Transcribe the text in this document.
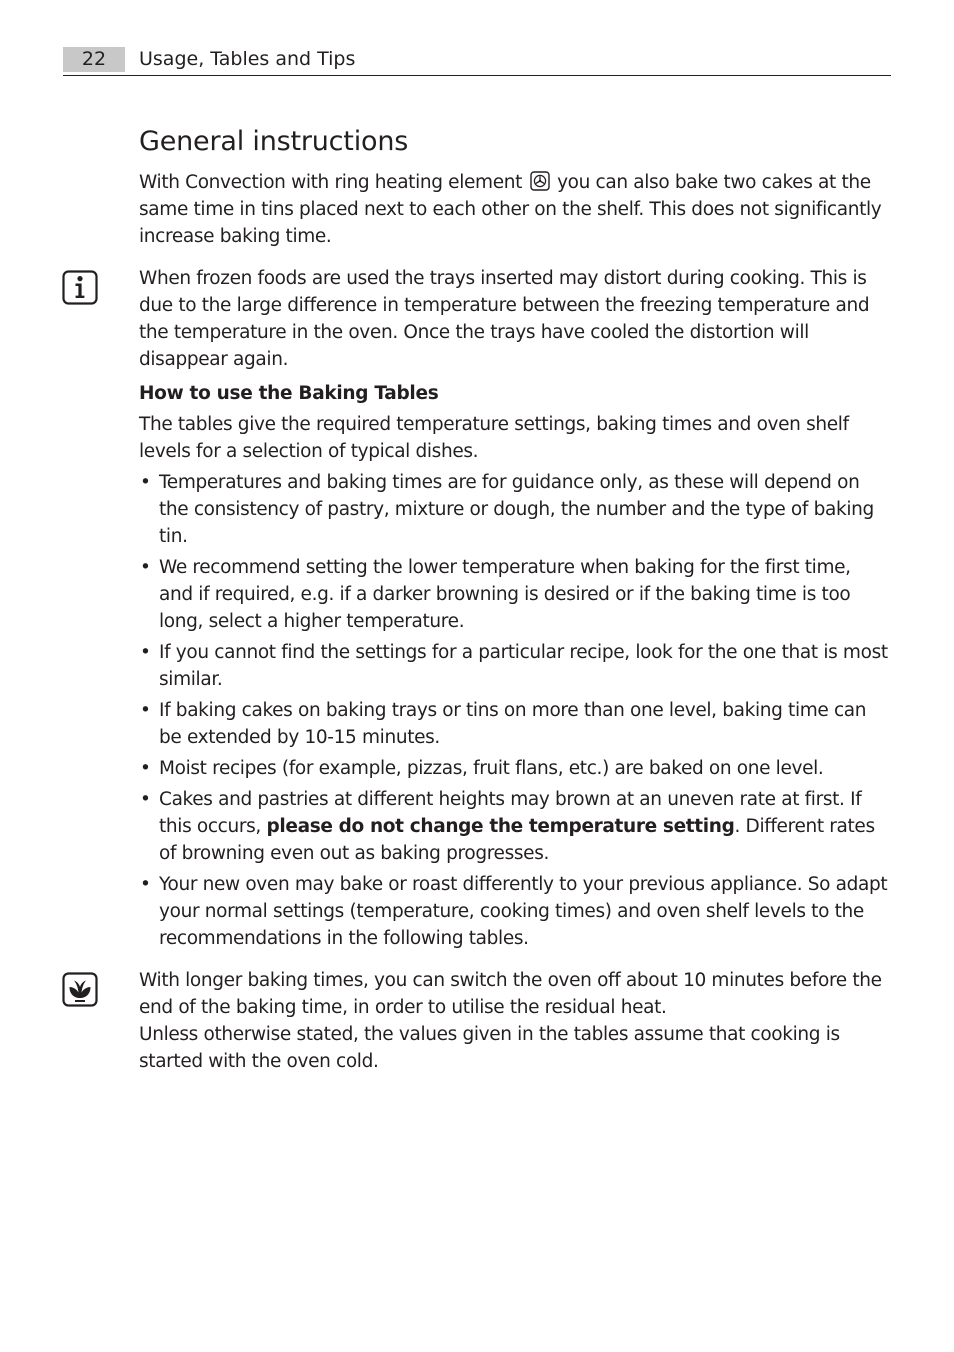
22	Usage, Tables and Tips
General instructions

With Convection with ring heating element  you can also bake two cakes at the same time in tins placed next to each other on the shelf. This does not significantly increase baking time.

When frozen foods are used the trays inserted may distort during cooking. This is due to the large difference in temperature between the freezing temperature and the temperature in the oven. Once the trays have cooled the distortion will disappear again.

How to use the Baking Tables

The tables give the required temperature settings, baking times and oven shelf levels for a selection of typical dishes.

• Temperatures and baking times are for guidance only, as these will depend on the consistency of pastry, mixture or dough, the number and the type of baking tin.
• We recommend setting the lower temperature when baking for the first time, and if required, e.g. if a darker browning is desired or if the baking time is too long, select a higher temperature.
• If you cannot find the settings for a particular recipe, look for the one that is most similar.
• If baking cakes on baking trays or tins on more than one level, baking time can be extended by 10-15 minutes.
• Moist recipes (for example, pizzas, fruit flans, etc.) are baked on one level.
• Cakes and pastries at different heights may brown at an uneven rate at first. If this occurs, please do not change the temperature setting. Different rates of browning even out as baking progresses.
• Your new oven may bake or roast differently to your previous appliance. So adapt your normal settings (temperature, cooking times) and oven shelf levels to the recommendations in the following tables.

With longer baking times, you can switch the oven off about 10 minutes before the end of the baking time, in order to utilise the residual heat.

Unless otherwise stated, the values given in the tables assume that cooking is started with the oven cold.
